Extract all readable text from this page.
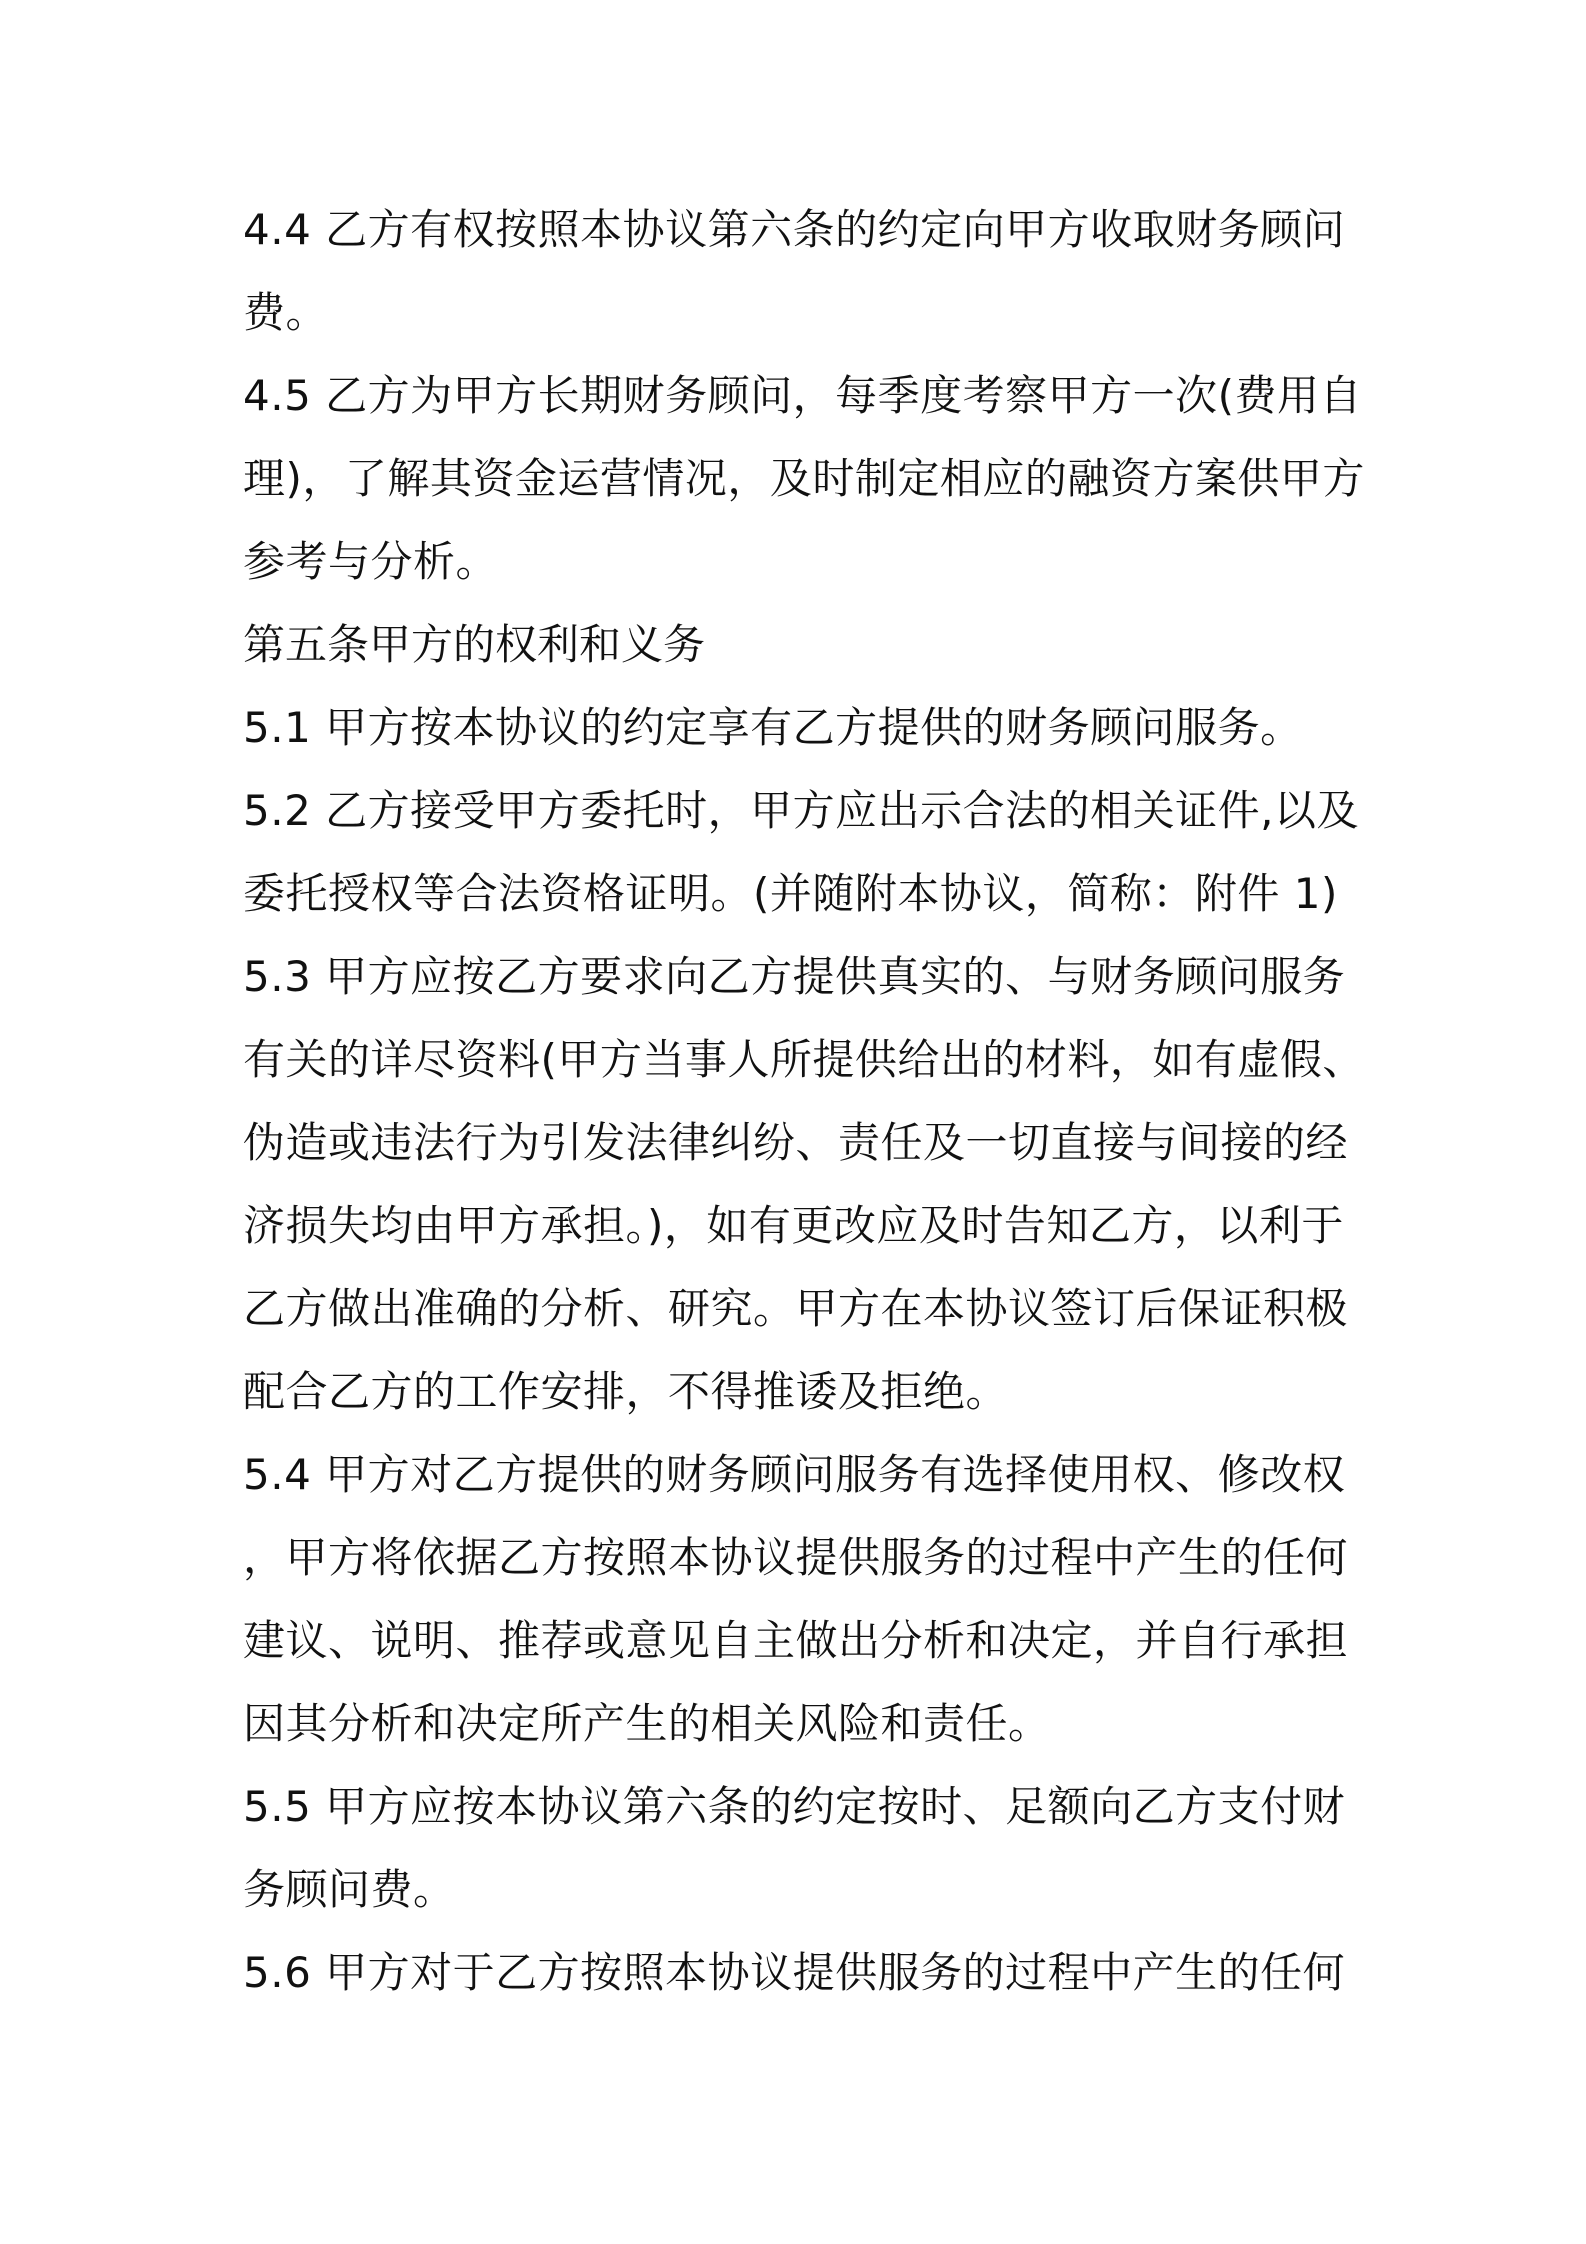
4.4 乙方有权按照本协议第六条的约定向甲方收取财务顾问
费。
4.5 乙方为甲方长期财务顾问，每季度考察甲方一次(费用自
理)，了解其资金运营情况，及时制定相应的融资方案供甲方
参考与分析。
第五条甲方的权利和义务
5.1 甲方按本协议的约定享有乙方提供的财务顾问服务。
5.2 乙方接受甲方委托时，甲方应出示合法的相关证件,以及
委托授权等合法资格证明。(并随附本协议，简称：附件 1)
5.3 甲方应按乙方要求向乙方提供真实的、与财务顾问服务
有关的详尽资料(甲方当事人所提供给出的材料，如有虚假、
伪造或违法行为引发法律纠纷、责任及一切直接与间接的经
济损失均由甲方承担。)，如有更改应及时告知乙方，以利于
乙方做出准确的分析、研究。甲方在本协议签订后保证积极
配合乙方的工作安排，不得推诿及拒绝。
5.4 甲方对乙方提供的财务顾问服务有选择使用权、修改权
，甲方将依据乙方按照本协议提供服务的过程中产生的任何
建议、说明、推荐或意见自主做出分析和决定，并自行承担
因其分析和决定所产生的相关风险和责任。
5.5 甲方应按本协议第六条的约定按时、足额向乙方支付财
务顾问费。
5.6 甲方对于乙方按照本协议提供服务的过程中产生的任何
